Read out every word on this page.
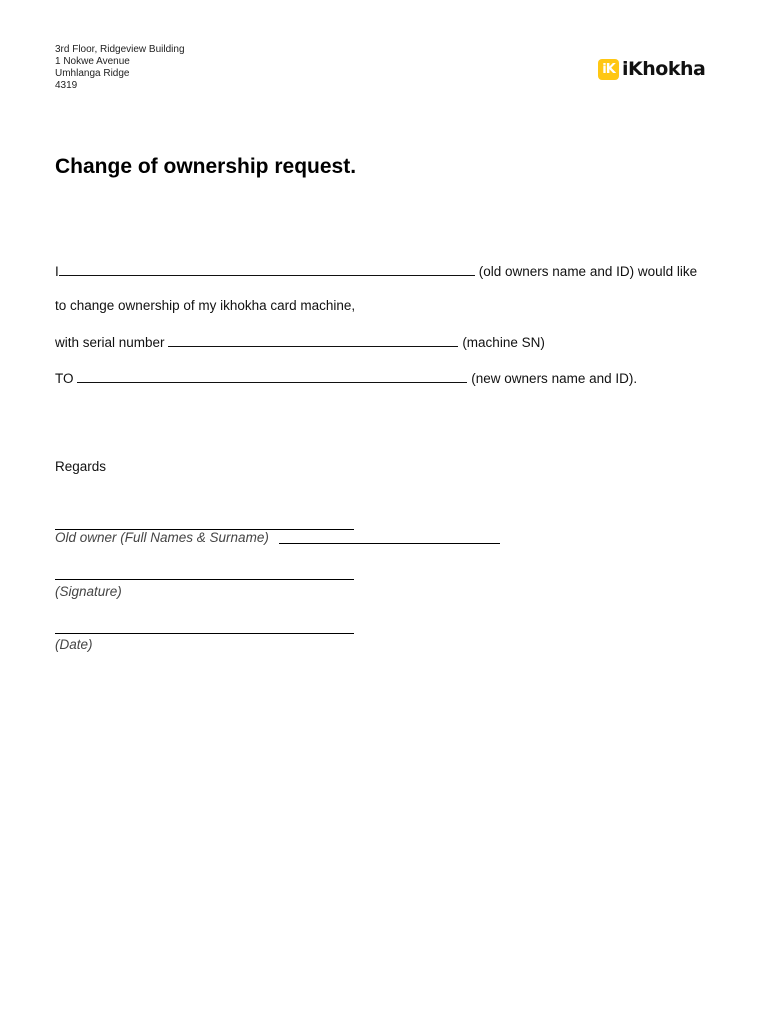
3rd Floor, Ridgeview Building
1 Nokwe Avenue
Umhlanga Ridge
4319
iK iKhokha
Change of ownership request.
I	(old owners name and ID) would like
to change ownership of my ikhokha card machine,
with serial number	(machine SN)
TO	(new owners name and ID).
Regards
Old owner (Full Names & Surname)
(Signature)
(Date)
